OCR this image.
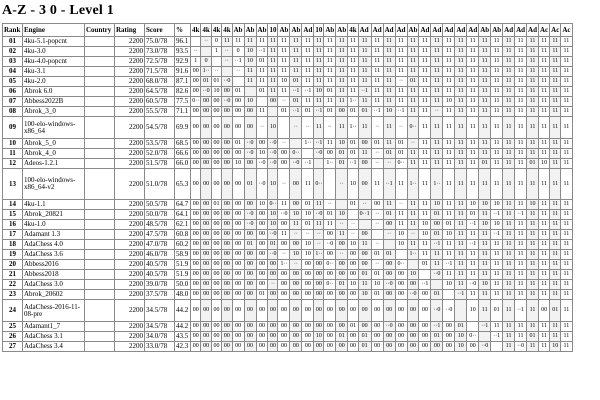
A-Z - 3 0 - Level 1
Rank	Engine	Country	Rating	Score	%	4k	4k	4k	4k	Ab	Ab	Ab	10	Ab	Ab	Ad	10	Ab	Ab	4k	Ad	Ad	Ad	Ad	Ab	Ad	Ad	Ad	Ad	Ad	Ab	Ab	Ad	Ad	Ad	Ac	Ac	Ac
01	4ku-5.1-popcnt		2200	75.0/78	96.1		··	0	11	11	11	11	11	11	11	11	11	11	11	11	11	11	11	11	11	11	11	11	11	11	11	11	11	11	11	11	11	11
02	4ku-3.0		2200	73.0/78	93.5	··		1	··	0	10	··1	11	11	11	11	11	11	11	11	11	11	11	11	11	11	11	11	11	11	11	11	11	11	11	11	11	11
03	4ku-4.0-popcnt		2200	72.5/78	92.9	1	0		··	··1	10	01	11	11	11	11	11	11	11	11	11	11	11	11	11	11	11	11	11	11	11	11	11	11	11	11	11	11
04	4ku-3.1		2200	71.5/78	91.6	00	1··	··		··	11	11	11	11	11	11	11	11	11	11	11	11	11	11	11	11	11	11	11	11	11	11	11	11	11	11	11	11
05	4ku-2.0		2200	68.0/78	87.1	00	01	01	··0		11	11	11	10	01	11	11	11	11	11	11	11	11	··	01	11	11	11	11	11	11	11	11	11	11	11	11	11
06	Abrok 6.0		2200	64.5/78	82.6	00	··0	10	00	01		01	11	11	··1	··1	10	01	11	11	··1	11	11	11	11	11	11	11	11	11	11	11	11	11	11	11	11	11
07	Abbess2022B		2200	60.5/78	77.5	0··	00	00	··0	00	10		00	··	01	11	11	11	11	1··	11	11	11	11	11	11	11	10	11	11	11	11	11	11	11	11	11	11
08	Abrok_3_0		2200	55.5/78	71.1	00	00	00	00	00	00	11		01	··1	01	··1	01	00	01	01	··1	10	··1	11	11	··	11	11	11	11	11	11	11	11	11	11	11
09	100-elo-windows-x86_64		2200	54.5/78	69.9	00	00	00	00	00	00	··	10		··	··	11	··	11	1··	11	··	11	··	0··	11	11	11	11	11	11	11	11	11	11	11	11	11
10	Abrok_5_0		2200	53.5/78	68.5	00	00	00	00	01	··0	00	··0	··		1··	··1	11	10	01	00	01	11	01	··	11	11	11	11	11	11	11	11	11	11	11	11	11
11	Abrok_4_0		2200	52.0/78	66.6	00	00	00	00	00	··0	10	··0	00	0··		··0	00	01	01	11	··	01	01	11	11	11	11	11	11	11	11	11	11	11	11	11	11
12	Adeos-1.2.1		2200	51.5/78	66.0	00	00	00	00	10	00	··0	··0	00	··0	··1		1··	01	··1	00	··	··	0··	11	11	11	11	11	11	01	11	11	11	01	10	11	11
13	100-elo-windows-x86_64-v2		2200	51.0/78	65.3	00	00	00	00	00	01	··0	10	··	00	11	0··		··	10	00	11	··1	11	1··	11	1··	11	11	11	11	11	11	11	11	11	11	11
14	4ku-1.1		2200	50.5/78	64.7	00	00	01	00	00	00	10	0··	11	00	01	11	··		01	··	00	11	··	11	11	10	11	11	10	10	10	11	11	10	11	11	11
15	Abrok_20821		2200	50.0/78	64.1	00	00	00	00	00	··0	00	10	··0	10	10	··0	01	10		0··1	··	01	11	11	11	01	11	11	01	11	··1	11	··1	11	11	11	11
16	4ku-1.0		2200	48.5/78	62.1	00	00	00	00	00	··0	00	10	00	11	01	11	11	··	··		··	00	11	11	10	00	01	11	··1	10	10	11	11	11	11	11	11
17	Adamant 1.3		2200	47.5/78	60.8	00	00	00	00	00	00	00	··0	11	··	··	··	00	11	··	00		··	10	··	10	01	10	11	11	11	··1	11	11	11	11	11	11
18	AdaChess 4.0		2200	47.0/78	60.2	00	00	00	00	00	01	00	01	00	00	10	··	··0	00	10	11	··		10	11	11	··1	11	11	··1	11	11	11	11	11	11	11	11
19	AdaChess 3.6		2200	46.0/78	58.9	00	00	00	00	00	00	00	··0	··	10	10	1··	00	··	00	00	01	01		1··	11	11	11	11	11	11	11	11	11	11	11	11	11
20	Abbess2016		2200	40.5/78	51.9	00	00	00	00	00	00	00	00	1··	··	00	00	0··	00	00	00	··	00	0··		01	11	··1	11	11	11	11	11	11	11	11	11	11
21	Abbess2018		2200	40.5/78	51.9	00	00	00	00	00	00	00	00	00	00	00	00	00	00	00	01	01	00	00	10		··0	11	11	11	11	11	11	11	11	11	11	11
22	AdaChess 3.0		2200	39.0/78	50.0	00	00	00	00	00	00	00	··	00	00	00	00	0··	01	10	11	10	··0	00	00	··1		10	11	··0	10	11	11	11	11	11	11	11
23	Abrok_20602		2200	37.5/78	48.0	00	00	00	00	00	00	01	00	00	00	00	00	00	00	00	10	01	00	00	··0	00	01		··1	11	11	11	11	11	11	11	11	11
24	AdaChess-2016-11-08-pre		2200	34.5/78	44.2	00	00	00	00	00	00	00	00	00	00	00	00	00	00	00	00	00	00	00	00	00	··0	··0		10	11	01	11	··1	11	00	01	11
25	Adamant1_7		2200	34.5/78	44.2	00	00	00	00	00	00	00	00	00	00	00	00	00	00	01	00	00	··0	00	00	00	··1	00	01		··1	11	11	11	11	11	11	11
26	AdaChess 3.1		2200	34.0/78	43.5	00	00	00	00	00	00	00	00	00	00	00	10	00	01	00	01	00	00	00	00	00	01	00	10	0··		··1	11	11	01	11	11	11
27	AdaChess 3.4		2200	33.0/78	42.3	00	00	00	00	00	00	00	00	00	00	00	00	00	00	00	01	00	00	00	00	00	00	00	10	00	··0		11	··0	11	11	10	11
